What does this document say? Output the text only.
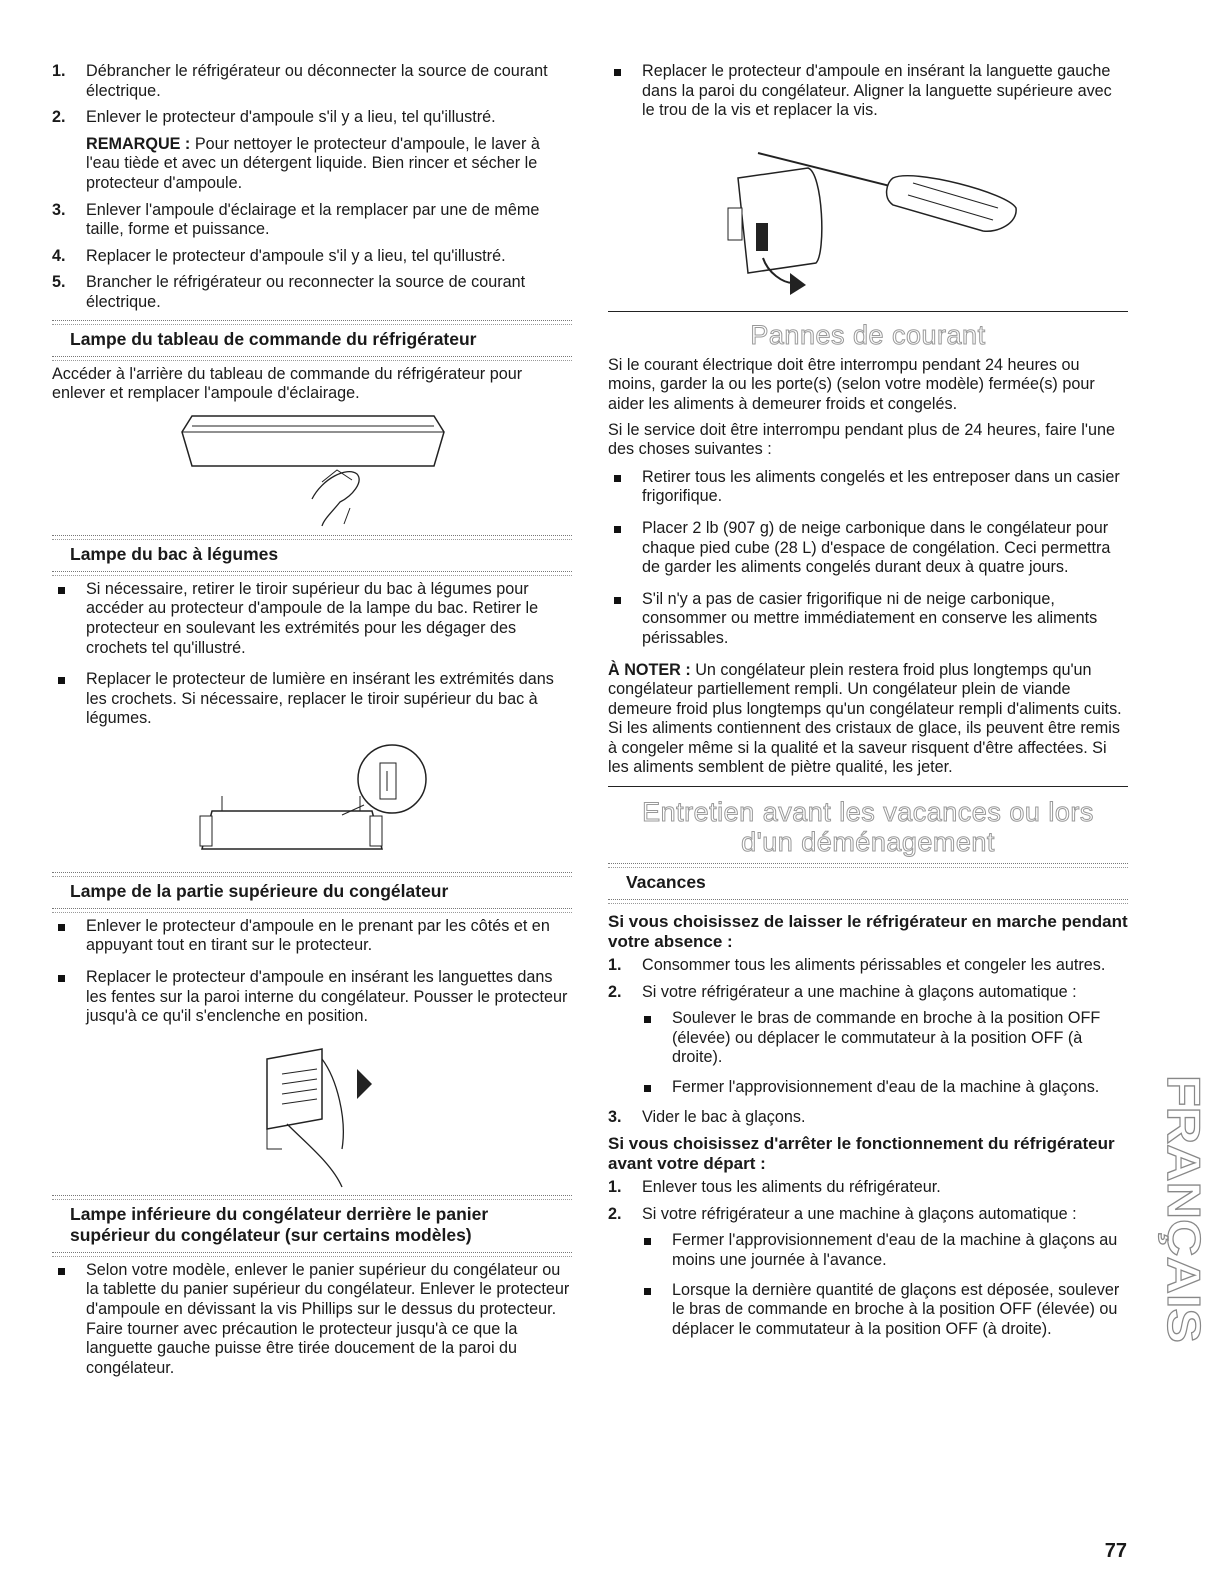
1. Débrancher le réfrigérateur ou déconnecter la source de courant électrique.
2. Enlever le protecteur d'ampoule s'il y a lieu, tel qu'illustré.
REMARQUE : Pour nettoyer le protecteur d'ampoule, le laver à l'eau tiède et avec un détergent liquide. Bien rincer et sécher le protecteur d'ampoule.
3. Enlever l'ampoule d'éclairage et la remplacer par une de même taille, forme et puissance.
4. Replacer le protecteur d'ampoule s'il y a lieu, tel qu'illustré.
5. Brancher le réfrigérateur ou reconnecter la source de courant électrique.
Lampe du tableau de commande du réfrigérateur

Accéder à l'arrière du tableau de commande du réfrigérateur pour enlever et remplacer l'ampoule d'éclairage.

Lampe du bac à légumes
Si nécessaire, retirer le tiroir supérieur du bac à légumes pour accéder au protecteur d'ampoule de la lampe du bac. Retirer le protecteur en soulevant les extrémités pour les dégager des crochets tel qu'illustré.
Replacer le protecteur de lumière en insérant les extrémités dans les crochets. Si nécessaire, replacer le tiroir supérieur du bac à légumes.
Lampe de la partie supérieure du congélateur
Enlever le protecteur d'ampoule en le prenant par les côtés et en appuyant tout en tirant sur le protecteur.
Replacer le protecteur d'ampoule en insérant les languettes dans les fentes sur la paroi interne du congélateur. Pousser le protecteur jusqu'à ce qu'il s'enclenche en position.
Lampe inférieure du congélateur derrière le panier supérieur du congélateur (sur certains modèles)
Selon votre modèle, enlever le panier supérieur du congélateur ou la tablette du panier supérieur du congélateur. Enlever le protecteur d'ampoule en dévissant la vis Phillips sur le dessus du protecteur. Faire tourner avec précaution le protecteur jusqu'à ce que la languette gauche puisse être tirée doucement de la paroi du congélateur.
Replacer le protecteur d'ampoule en insérant la languette gauche dans la paroi du congélateur. Aligner la languette supérieure avec le trou de la vis et replacer la vis.
Pannes de courant

Si le courant électrique doit être interrompu pendant 24 heures ou moins, garder la ou les porte(s) (selon votre modèle) fermée(s) pour aider les aliments à demeurer froids et congelés.

Si le service doit être interrompu pendant plus de 24 heures, faire l'une des choses suivantes :

Retirer tous les aliments congelés et les entreposer dans un casier frigorifique.
Placer 2 lb (907 g) de neige carbonique dans le congélateur pour chaque pied cube (28 L) d'espace de congélation. Ceci permettra de garder les aliments congelés durant deux à quatre jours.
S'il n'y a pas de casier frigorifique ni de neige carbonique, consommer ou mettre immédiatement en conserve les aliments périssables.

À NOTER : Un congélateur plein restera froid plus longtemps qu'un congélateur partiellement rempli. Un congélateur plein de viande demeure froid plus longtemps qu'un congélateur rempli d'aliments cuits. Si les aliments contiennent des cristaux de glace, ils peuvent être remis à congeler même si la qualité et la saveur risquent d'être affectées. Si les aliments semblent de piètre qualité, les jeter.

Entretien avant les vacances ou lors
d'un déménagement
Vacances
Si vous choisissez de laisser le réfrigérateur en marche pendant votre absence :
1. Consommer tous les aliments périssables et congeler les autres.
2. Si votre réfrigérateur a une machine à glaçons automatique :
Soulever le bras de commande en broche à la position OFF (élevée) ou déplacer le commutateur à la position OFF (à droite).
Fermer l'approvisionnement d'eau de la machine à glaçons.
3. Vider le bac à glaçons.
Si vous choisissez d'arrêter le fonctionnement du réfrigérateur avant votre départ :
1. Enlever tous les aliments du réfrigérateur.
2. Si votre réfrigérateur a une machine à glaçons automatique :
Fermer l'approvisionnement d'eau de la machine à glaçons au moins une journée à l'avance.
Lorsque la dernière quantité de glaçons est déposée, soulever le bras de commande en broche à la position OFF (élevée) ou déplacer le commutateur à la position OFF (à droite).
FRANÇAIS
77
